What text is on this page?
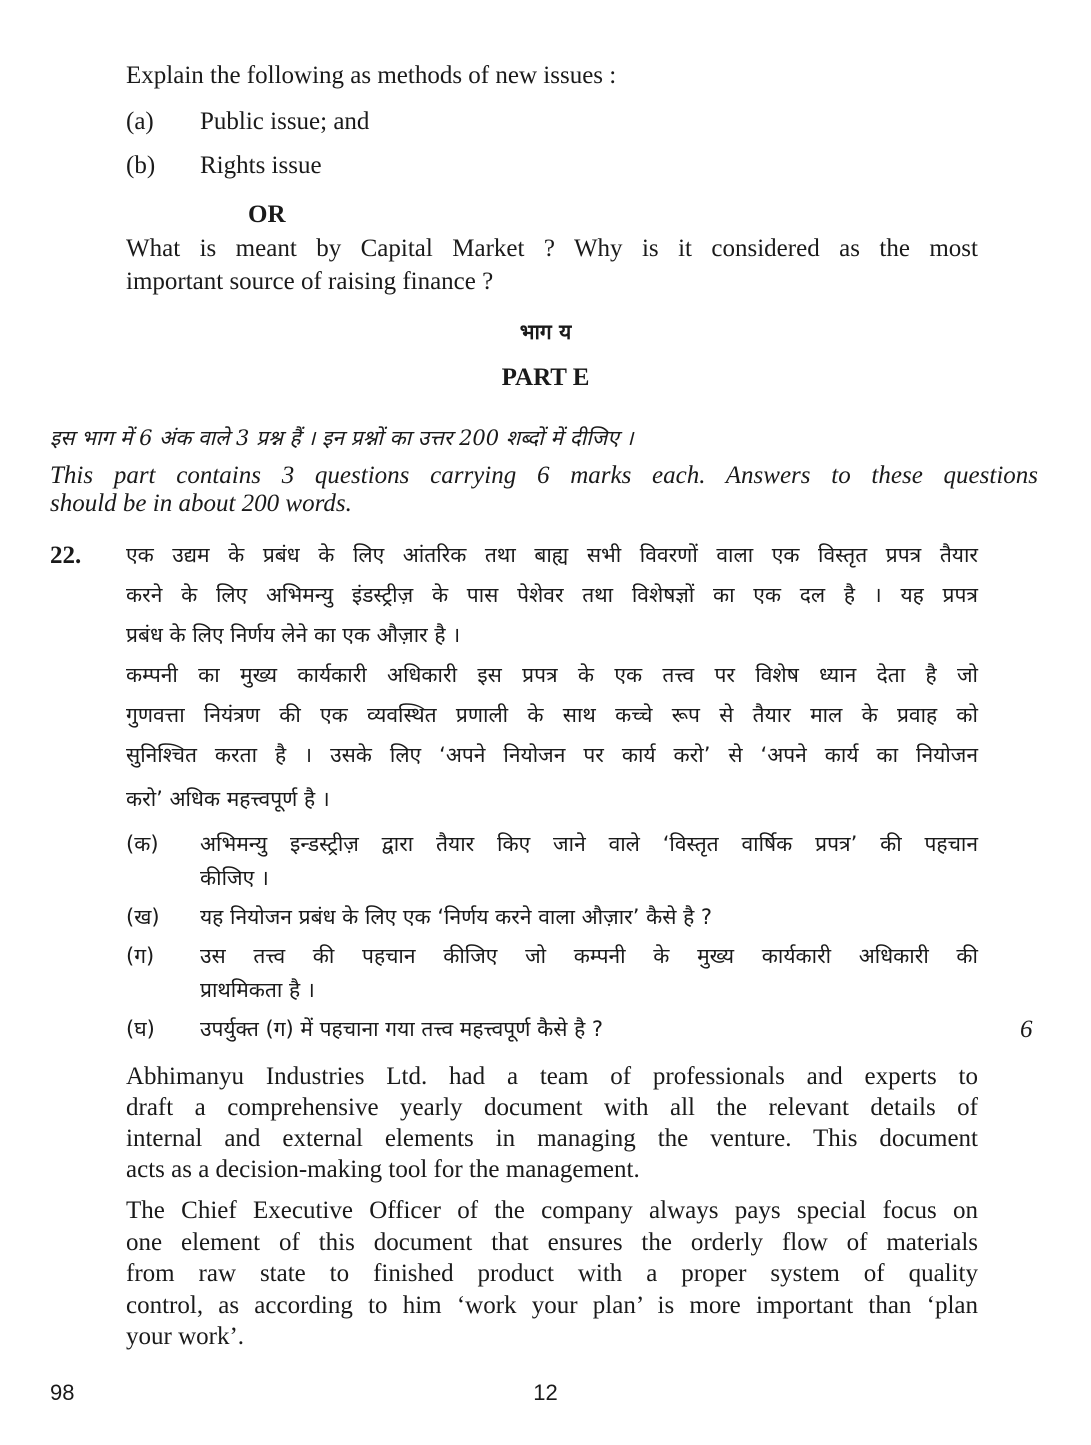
Explain the following as methods of new issues :
(a) Public issue; and
(b) Rights issue
OR
What is meant by Capital Market ? Why is it considered as the most
important source of raising finance ?
भाग य
PART E
इस भाग में 6 अंक वाले 3 प्रश्न हैं । इन प्रश्नों का उत्तर 200 शब्दों में दीजिए ।
This part contains 3 questions carrying 6 marks each. Answers to these questions
should be in about 200 words.
22. एक उद्यम के प्रबंध के लिए आंतरिक तथा बाह्य सभी विवरणों वाला एक विस्तृत प्रपत्र तैयार
करने के लिए अभिमन्यु इंडस्ट्रीज़ के पास पेशेवर तथा विशेषज्ञों का एक दल है । यह प्रपत्र
प्रबंध के लिए निर्णय लेने का एक औज़ार है ।
कम्पनी का मुख्य कार्यकारी अधिकारी इस प्रपत्र के एक तत्त्व पर विशेष ध्यान देता है जो
गुणवत्ता नियंत्रण की एक व्यवस्थित प्रणाली के साथ कच्चे रूप से तैयार माल के प्रवाह को
सुनिश्चित करता है । उसके लिए ‘अपने नियोजन पर कार्य करो’ से ‘अपने कार्य का नियोजन
करो’ अधिक महत्त्वपूर्ण है ।
(क) अभिमन्यु इन्डस्ट्रीज़ द्वारा तैयार किए जाने वाले ‘विस्तृत वार्षिक प्रपत्र’ की पहचान
कीजिए ।
(ख) यह नियोजन प्रबंध के लिए एक ‘निर्णय करने वाला औज़ार’ कैसे है ?
(ग) उस तत्त्व की पहचान कीजिए जो कम्पनी के मुख्य कार्यकारी अधिकारी की
प्राथमिकता है ।
(घ) उपर्युक्त (ग) में पहचाना गया तत्त्व महत्त्वपूर्ण कैसे है ?	6
Abhimanyu Industries Ltd. had a team of professionals and experts to
draft a comprehensive yearly document with all the relevant details of
internal and external elements in managing the venture. This document
acts as a decision-making tool for the management.
The Chief Executive Officer of the company always pays special focus on
one element of this document that ensures the orderly flow of materials
from raw state to finished product with a proper system of quality
control, as according to him ‘work your plan’ is more important than ‘plan
your work’.
98	12
